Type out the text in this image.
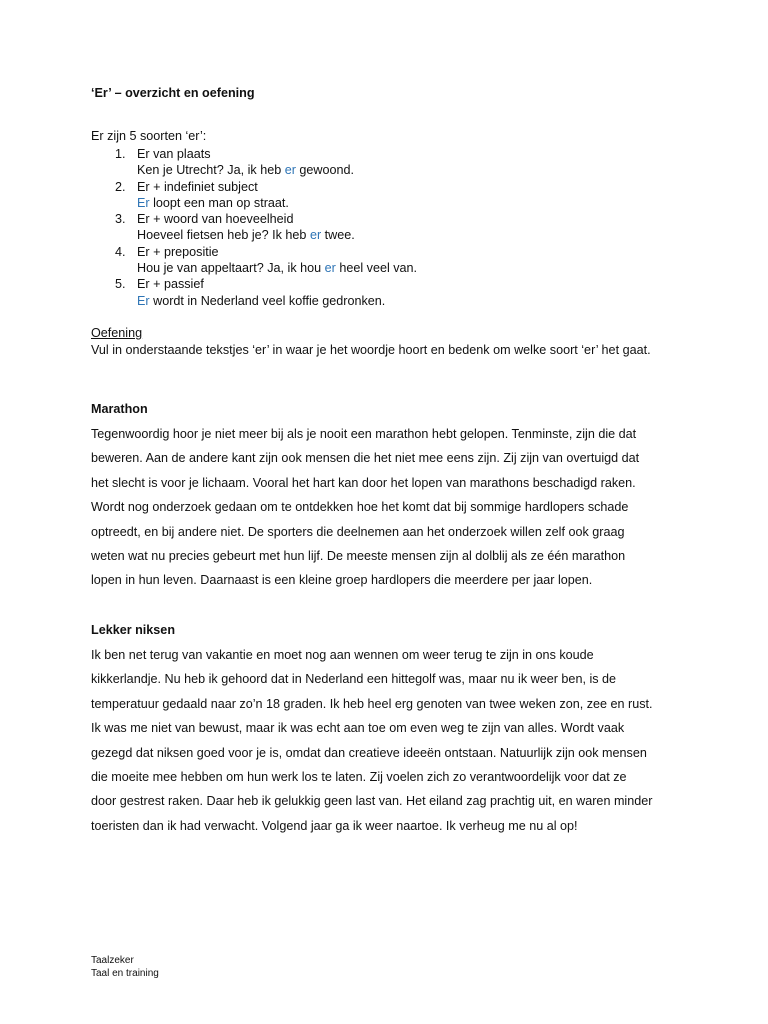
‘Er’ – overzicht en oefening
Er zijn 5 soorten ‘er’:
1. Er van plaats
Ken je Utrecht? Ja, ik heb er gewoond.
2. Er + indefiniet subject
Er loopt een man op straat.
3. Er + woord van hoeveelheid
Hoeveel fietsen heb je? Ik heb er twee.
4. Er + prepositie
Hou je van appeltaart? Ja, ik hou er heel veel van.
5. Er + passief
Er wordt in Nederland veel koffie gedronken.
Oefening
Vul in onderstaande tekstjes ‘er’ in waar je het woordje hoort en bedenk om welke soort ‘er’ het gaat.
Marathon
Tegenwoordig hoor je niet meer bij als je nooit een marathon hebt gelopen. Tenminste, zijn die dat
beweren. Aan de andere kant zijn ook mensen die het niet mee eens zijn. Zij zijn van overtuigd dat
het slecht is voor je lichaam. Vooral het hart kan door het lopen van marathons beschadigd raken.
Wordt nog onderzoek gedaan om te ontdekken hoe het komt dat bij sommige hardlopers schade
optreedt, en bij andere niet. De sporters die deelnemen aan het onderzoek willen zelf ook graag
weten wat nu precies gebeurt met hun lijf. De meeste mensen zijn al dolblij als ze één marathon
lopen in hun leven. Daarnaast is een kleine groep hardlopers die meerdere per jaar lopen.
Lekker niksen
Ik ben net terug van vakantie en moet nog aan wennen om weer terug te zijn in ons koude
kikkerlandje. Nu heb ik gehoord dat in Nederland een hittegolf was, maar nu ik weer ben, is de
temperatuur gedaald naar zo’n 18 graden. Ik heb heel erg genoten van twee weken zon, zee en rust.
Ik was me niet van bewust, maar ik was echt aan toe om even weg te zijn van alles. Wordt vaak
gezegd dat niksen goed voor je is, omdat dan creatieve ideeën ontstaan. Natuurlijk zijn ook mensen
die moeite mee hebben om hun werk los te laten. Zij voelen zich zo verantwoordelijk voor dat ze
door gestrest raken. Daar heb ik gelukkig geen last van. Het eiland zag prachtig uit, en waren minder
toeristen dan ik had verwacht. Volgend jaar ga ik weer naartoe. Ik verheug me nu al op!
Taalzeker
Taal en training
